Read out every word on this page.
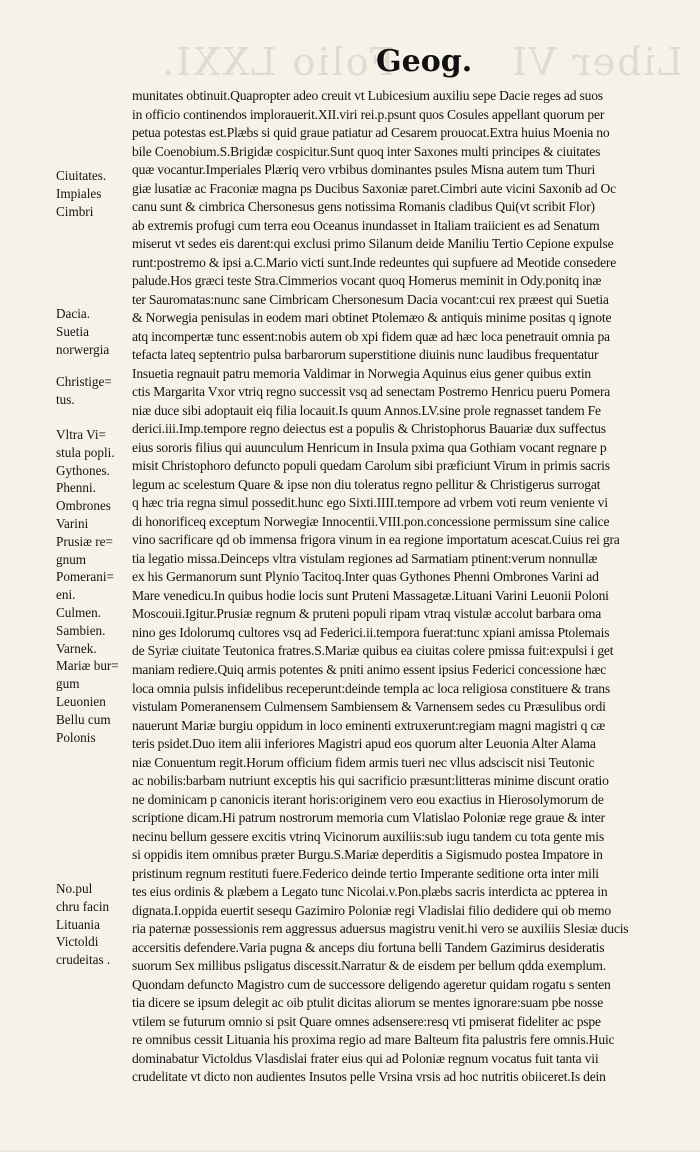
Folio LXXI.	Liber VI
Geog.
munitates obtinuit.Quapropter adeo creuit vt Lubicesium auxiliu sepe Dacie reges ad suos
in officio continendos implorauerit.XII.viri rei.p.psunt quos Cosules appellant quorum per
petua potestas est.Plæbs si quid graue patiatur ad Cesarem prouocat.Extra huius Moenia no
bile Coenobium.S.Brigidæ cospicitur.Sunt quoq inter Saxones multi principes & ciuitates
quæ vocantur.Imperiales Plæriq vero vrbibus dominantes psules Misna autem tum Thuri
giæ lusatiæ ac Fraconiæ magna ps Ducibus Saxoniæ paret.Cimbri aute vicini Saxonib ad Oc
canu sunt & cimbrica Chersonesus gens notissima Romanis cladibus Qui(vt scribit Flor)
ab extremis profugi cum terra eou Oceanus inundasset in Italiam traiicient es ad Senatum
miserut vt sedes eis darent:qui exclusi primo Silanum deide Maniliu Tertio Cepione expulse
runt:postremo & ipsi a.C.Mario victi sunt.Inde redeuntes qui supfuere ad Meotide consedere
palude.Hos græci teste Stra.Cimmerios vocant quoq Homerus meminit in Ody.ponitq inæ
ter Sauromatas:nunc sane Cimbricam Chersonesum Dacia vocant:cui rex præest qui Suetia
& Norwegia penisulas in eodem mari obtinet Ptolemæo & antiquis minime positas q ignote
atq incompertæ tunc essent:nobis autem ob xpi fidem quæ ad hæc loca penetrauit omnia pa
tefacta lateq septentrio pulsa barbarorum superstitione diuinis nunc laudibus frequentatur
Insuetia regnauit patru memoria Valdimar in Norwegia Aquinus eius gener quibus extin
ctis Margarita Vxor vtriq regno successit vsq ad senectam Postremo Henricu pueru Pomera
niæ duce sibi adoptauit eiq filia locauit.Is quum Annos.LV.sine prole regnasset tandem Fe
derici.iii.Imp.tempore regno deiectus est a populis & Christophorus Bauariæ dux suffectus
eius sororis filius qui auunculum Henricum in Insula pxima qua Gothiam vocant regnare p
misit Christophoro defuncto populi quedam Carolum sibi præficiunt Virum in primis sacris
legum ac scelestum Quare & ipse non diu toleratus regno pellitur & Christigerus surrogat
q hæc tria regna simul possedit.hunc ego Sixti.IIII.tempore ad vrbem voti reum veniente vi
di honorificeq exceptum Norwegiæ Innocentii.VIII.pon.concessione permissum sine calice
vino sacrificare qd ob immensa frigora vinum in ea regione importatum acescat.Cuius rei gra
tia legatio missa.Deinceps vltra vistulam regiones ad Sarmatiam ptinent:verum nonnullæ
ex his Germanorum sunt Plynio Tacitoq.Inter quas Gythones Phenni Ombrones Varini ad
Mare venedicu.In quibus hodie locis sunt Pruteni Massagetæ.Lituani Varini Leuonii Poloni
Moscouii.Igitur.Prusiæ regnum & pruteni populi ripam vtraq vistulæ accolut barbara oma
nino ges Idolorumq cultores vsq ad Federici.ii.tempora fuerat:tunc xpiani amissa Ptolemais
de Syriæ ciuitate Teutonica fratres.S.Mariæ quibus ea ciuitas colere pmissa fuit:expulsi i get
maniam rediere.Quiq armis potentes & pniti animo essent ipsius Federici concessione hæc
loca omnia pulsis infidelibus receperunt:deinde templa ac loca religiosa constituere & trans
vistulam Pomeranensem Culmensem Sambiensem & Varnensem sedes cu Præsulibus ordi
nauerunt Mariæ burgiu oppidum in loco eminenti extruxerunt:regiam magni magistri q cæ
teris psidet.Duo item alii inferiores Magistri apud eos quorum alter Leuonia Alter Alama
niæ Conuentum regit.Horum officium fidem armis tueri nec vllus adsciscit nisi Teutonic
ac nobilis:barbam nutriunt exceptis his qui sacrificio præsunt:litteras minime discunt oratio
ne dominicam p canonicis iterant horis:originem vero eou exactius in Hierosolymorum de
scriptione dicam.Hi patrum nostrorum memoria cum Vlatislao Poloniæ rege graue & inter
necinu bellum gessere excitis vtrinq Vicinorum auxiliis:sub iugu tandem cu tota gente mis
si oppidis item omnibus præter Burgu.S.Mariæ deperditis a Sigismudo postea Impatore in
pristinum regnum restituti fuere.Federico deinde tertio Imperante seditione orta inter mili
tes eius ordinis & plæbem a Legato tunc Nicolai.v.Pon.plæbs sacris interdicta ac ppterea in
dignata.I.oppida euertit sesequ Gazimiro Poloniæ regi Vladislai filio dedidere qui ob memo
ria paternæ possessionis rem aggressus aduersus magistru venit.hi vero se auxiliis Slesiæ ducis
accersitis defendere.Varia pugna & anceps diu fortuna belli Tandem Gazimirus desideratis
suorum Sex millibus psligatus discessit.Narratur & de eisdem per bellum qdda exemplum.
Quondam defuncto Magistro cum de successore deligendo ageretur quidam rogatu s senten
tia dicere se ipsum delegit ac oib ptulit dicitas aliorum se mentes ignorare:suam pbe nosse
vtilem se futurum omnio si psit Quare omnes adsensere:resq vti pmiserat fideliter ac pspe
re omnibus cessit Lituania his proxima regio ad mare Balteum fita palustris fere omnis.Huic
dominabatur Victoldus Vlasdislai frater eius qui ad Poloniæ regnum vocatus fuit tanta vii
crudelitate vt dicto non audientes Insutos pelle Vrsina vrsis ad hoc nutritis obiiceret.Is dein
Ciuitates.
Impiales
Cimbri
Dacia.
Suetia
norwergia
Christige=
tus.
Vltra Vi=
stula popli.
Gythones.
Phenni.
Ombrones
Varini
Prusiæ re=
gnum
Pomerani=
eni.
Culmen.
Sambien.
Varnek.
Mariæ bur=
gum
Leuonien
Bellu cum
Polonis
No.pul
chru facin
Lituania
Victoldi
crudeitas .
